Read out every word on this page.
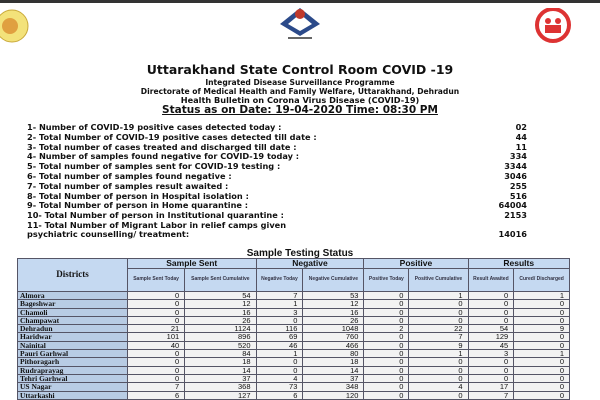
Uttarakhand State Control Room COVID -19
Integrated Disease Surveillance Programme
Directorate of Medical Health and Family Welfare, Uttarakhand, Dehradun
Health Bulletin on Corona Virus Disease (COVID-19)
Status as on Date: 19-04-2020 Time: 08:30 PM
1- Number of COVID-19 positive cases detected today :	02
2- Total Number of COVID-19 positive cases detected till date :	44
3- Total number of cases treated and discharged till date :	11
4- Number of samples found negative for COVID-19 today :	334
5- Total number of samples sent for COVID-19 testing :	3344
6- Total number of samples found negative :	3046
7- Total number of samples result awaited :	255
8- Total Number of person in Hospital isolation :	516
9- Total Number of person in Home quarantine :	64004
10- Total Number of person in Institutional quarantine :	2153
11- Total Number of Migrant Labor in relief camps given psychiatric counselling/ treatment:	14016
Sample Testing Status
Districts	Sample Sent		Negative		Positive		Results	
	Sample Sent Today	Sample Sent Cumulative	Negative Today	Negative Cumulative	Positive Today	Positive Cumulative	Result Awaited	Cured/ Discharged
Almora	0	54	7	53	0	1	0	1
Bageshwar	0	12	1	12	0	0	0	0
Chamoli	0	16	3	16	0	0	0	0
Champawat	0	26	0	26	0	0	0	0
Dehradun	21	1124	116	1048	2	22	54	9
Haridwar	101	896	69	760	0	7	129	0
Nainital	40	520	46	466	0	9	45	0
Pauri Garhwal	0	84	1	80	0	1	3	1
Pithoragarh	0	18	0	18	0	0	0	0
Rudraprayag	0	14	0	14	0	0	0	0
Tehri Garhwal	0	37	4	37	0	0	0	0
US Nagar	7	368	73	348	0	4	17	0
Uttarkashi	6	127	6	120	0	0	7	0
